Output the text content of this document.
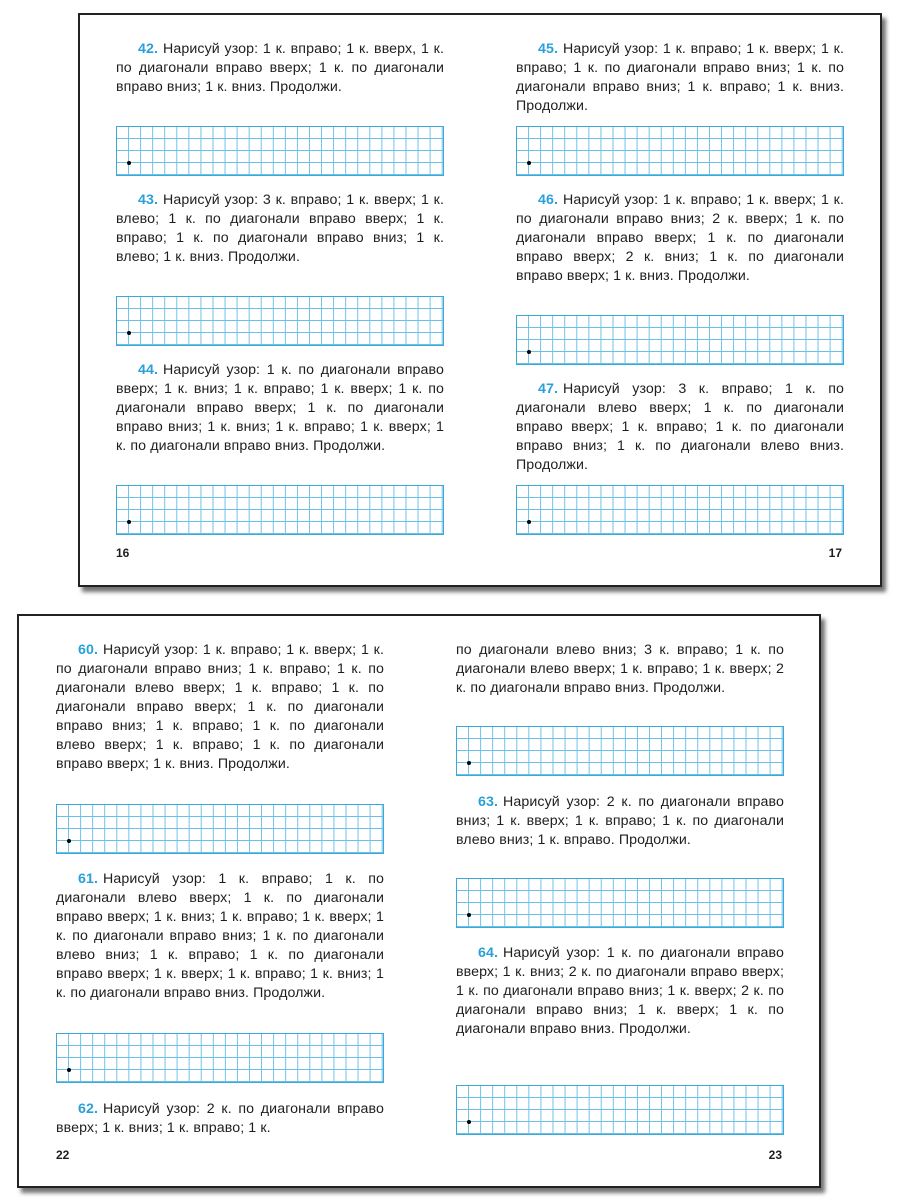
42. Нарисуй узор: 1 к. вправо; 1 к. вверх, 1 к. по диагонали вправо вверх; 1 к. по диагонали вправо вниз; 1 к. вниз. Продолжи.
43. Нарисуй узор: 3 к. вправо; 1 к. вверх; 1 к. влево; 1 к. по диагонали вправо вверх; 1 к. вправо; 1 к. по диагонали вправо вниз; 1 к. влево; 1 к. вниз. Продолжи.
44. Нарисуй узор: 1 к. по диагонали вправо вверх; 1 к. вниз; 1 к. вправо; 1 к. вверх; 1 к. по диагонали вправо вверх; 1 к. по диагонали вправо вниз; 1 к. вниз; 1 к. вправо; 1 к. вверх; 1 к. по диагонали вправо вниз. Продолжи.
16
45. Нарисуй узор: 1 к. вправо; 1 к. вверх; 1 к. вправо; 1 к. по диагонали вправо вниз; 1 к. по диагонали вправо вниз; 1 к. вправо; 1 к. вниз. Продолжи.
46. Нарисуй узор: 1 к. вправо; 1 к. вверх; 1 к. по диагонали вправо вниз; 2 к. вверх; 1 к. по диагонали вправо вверх; 1 к. по диагонали вправо вверх; 2 к. вниз; 1 к. по диагонали вправо вверх; 1 к. вниз. Продолжи.
47. Нарисуй узор: 3 к. вправо; 1 к. по диагонали влево вверх; 1 к. по диагонали вправо вверх; 1 к. вправо; 1 к. по диагонали вправо вниз; 1 к. по диагонали влево вниз. Продолжи.
17
60. Нарисуй узор: 1 к. вправо; 1 к. вверх; 1 к. по диагонали вправо вниз; 1 к. вправо; 1 к. по диагонали влево вверх; 1 к. вправо; 1 к. по диагонали вправо вверх; 1 к. по диагонали вправо вниз; 1 к. вправо; 1 к. по диагонали влево вверх; 1 к. вправо; 1 к. по диагонали вправо вверх; 1 к. вниз. Продолжи.
61. Нарисуй узор: 1 к. вправо; 1 к. по диагонали влево вверх; 1 к. по диагонали вправо вверх; 1 к. вниз; 1 к. вправо; 1 к. вверх; 1 к. по диагонали вправо вниз; 1 к. по диагонали влево вниз; 1 к. вправо; 1 к. по диагонали вправо вверх; 1 к. вверх; 1 к. вправо; 1 к. вниз; 1 к. по диагонали вправо вниз. Продолжи.
62. Нарисуй узор: 2 к. по диагонали вправо вверх; 1 к. вниз; 1 к. вправо; 1 к.
22
по диагонали влево вниз; 3 к. вправо; 1 к. по диагонали влево вверх; 1 к. вправо; 1 к. вверх; 2 к. по диагонали вправо вниз. Продолжи.
63. Нарисуй узор: 2 к. по диагонали вправо вниз; 1 к. вверх; 1 к. вправо; 1 к. по диагонали влево вниз; 1 к. вправо. Продолжи.
64. Нарисуй узор: 1 к. по диагонали вправо вверх; 1 к. вниз; 2 к. по диагонали вправо вверх; 1 к. по диагонали вправо вниз; 1 к. вверх; 2 к. по диагонали вправо вниз; 1 к. вверх; 1 к. по диагонали вправо вниз. Продолжи.
23
